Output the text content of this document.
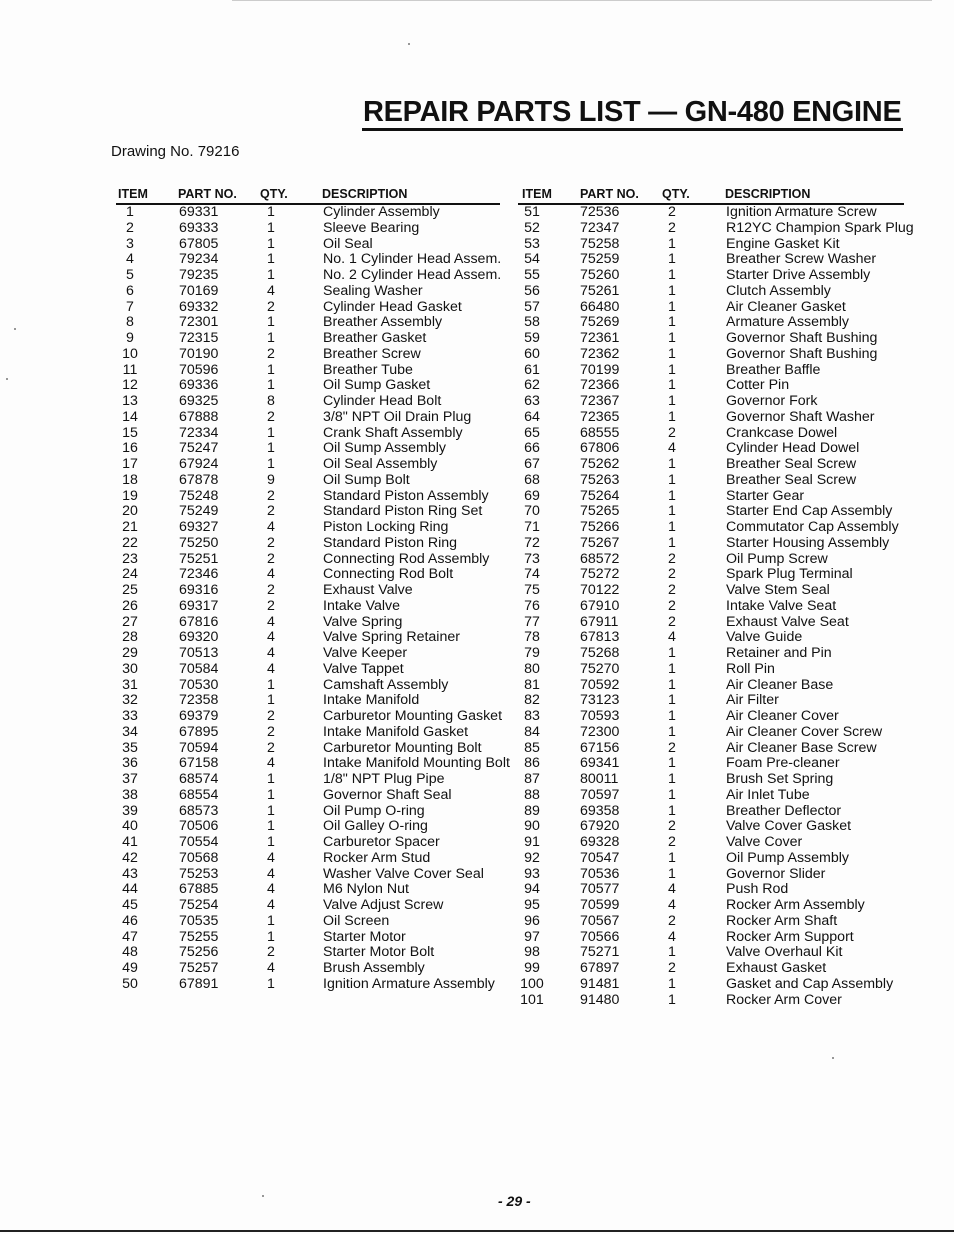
REPAIR PARTS LIST — GN-480 ENGINE
Drawing No. 79216
ITEM PART NO. QTY.	DESCRIPTION
1	69331	1	Cylinder Assembly
2	69333	1	Sleeve Bearing
3	67805	1	Oil Seal
4	79234	1	No. 1 Cylinder Head Assem.
5	79235	1	No. 2 Cylinder Head Assem.
6	70169	4	Sealing Washer
7	69332	2	Cylinder Head Gasket
8	72301	1	Breather Assembly
9	72315	1	Breather Gasket
10	70190	2	Breather Screw
11	70596	1	Breather Tube
12	69336	1	Oil Sump Gasket
13	69325	8	Cylinder Head Bolt
14	67888	2	3/8" NPT Oil Drain Plug
15	72334	1	Crank Shaft Assembly
16	75247	1	Oil Sump Assembly
17	67924	1	Oil Seal Assembly
18	67878	9	Oil Sump Bolt
19	75248	2	Standard Piston Assembly
20	75249	2	Standard Piston Ring Set
21	69327	4	Piston Locking Ring
22	75250	2	Standard Piston Ring
23	75251	2	Connecting Rod Assembly
24	72346	4	Connecting Rod Bolt
25	69316	2	Exhaust Valve
26	69317	2	Intake Valve
27	67816	4	Valve Spring
28	69320	4	Valve Spring Retainer
29	70513	4	Valve Keeper
30	70584	4	Valve Tappet
31	70530	1	Camshaft Assembly
32	72358	1	Intake Manifold
33	69379	2	Carburetor Mounting Gasket
34	67895	2	Intake Manifold Gasket
35	70594	2	Carburetor Mounting Bolt
36	67158	4	Intake Manifold Mounting Bolt
37	68574	1	1/8" NPT Plug Pipe
38	68554	1	Governor Shaft Seal
39	68573	1	Oil Pump O-ring
40	70506	1	Oil Galley O-ring
41	70554	1	Carburetor Spacer
42	70568	4	Rocker Arm Stud
43	75253	4	Washer Valve Cover Seal
44	67885	4	M6 Nylon Nut
45	75254	4	Valve Adjust Screw
46	70535	1	Oil Screen
47	75255	1	Starter Motor
48	75256	2	Starter Motor Bolt
49	75257	4	Brush Assembly
50	67891	1	Ignition Armature Assembly
ITEM PART NO. QTY.	DESCRIPTION
51	72536	2	Ignition Armature Screw
52	72347	2	R12YC Champion Spark Plug
53	75258	1	Engine Gasket Kit
54	75259	1	Breather Screw Washer
55	75260	1	Starter Drive Assembly
56	75261	1	Clutch Assembly
57	66480	1	Air Cleaner Gasket
58	75269	1	Armature Assembly
59	72361	1	Governor Shaft Bushing
60	72362	1	Governor Shaft Bushing
61	70199	1	Breather Baffle
62	72366	1	Cotter Pin
63	72367	1	Governor Fork
64	72365	1	Governor Shaft Washer
65	68555	2	Crankcase Dowel
66	67806	4	Cylinder Head Dowel
67	75262	1	Breather Seal Screw
68	75263	1	Breather Seal Screw
69	75264	1	Starter Gear
70	75265	1	Starter End Cap Assembly
71	75266	1	Commutator Cap Assembly
72	75267	1	Starter Housing Assembly
73	68572	2	Oil Pump Screw
74	75272	2	Spark Plug Terminal
75	70122	2	Valve Stem Seal
76	67910	2	Intake Valve Seat
77	67911	2	Exhaust Valve Seat
78	67813	4	Valve Guide
79	75268	1	Retainer and Pin
80	75270	1	Roll Pin
81	70592	1	Air Cleaner Base
82	73123	1	Air Filter
83	70593	1	Air Cleaner Cover
84	72300	1	Air Cleaner Cover Screw
85	67156	2	Air Cleaner Base Screw
86	69341	1	Foam Pre-cleaner
87	80011	1	Brush Set Spring
88	70597	1	Air Inlet Tube
89	69358	1	Breather Deflector
90	67920	2	Valve Cover Gasket
91	69328	2	Valve Cover
92	70547	1	Oil Pump Assembly
93	70536	1	Governor Slider
94	70577	4	Push Rod
95	70599	4	Rocker Arm Assembly
96	70567	2	Rocker Arm Shaft
97	70566	4	Rocker Arm Support
98	75271	1	Valve Overhaul Kit
99	67897	2	Exhaust Gasket
100	91481	1	Gasket and Cap Assembly
101	91480	1	Rocker Arm Cover
- 29 -
